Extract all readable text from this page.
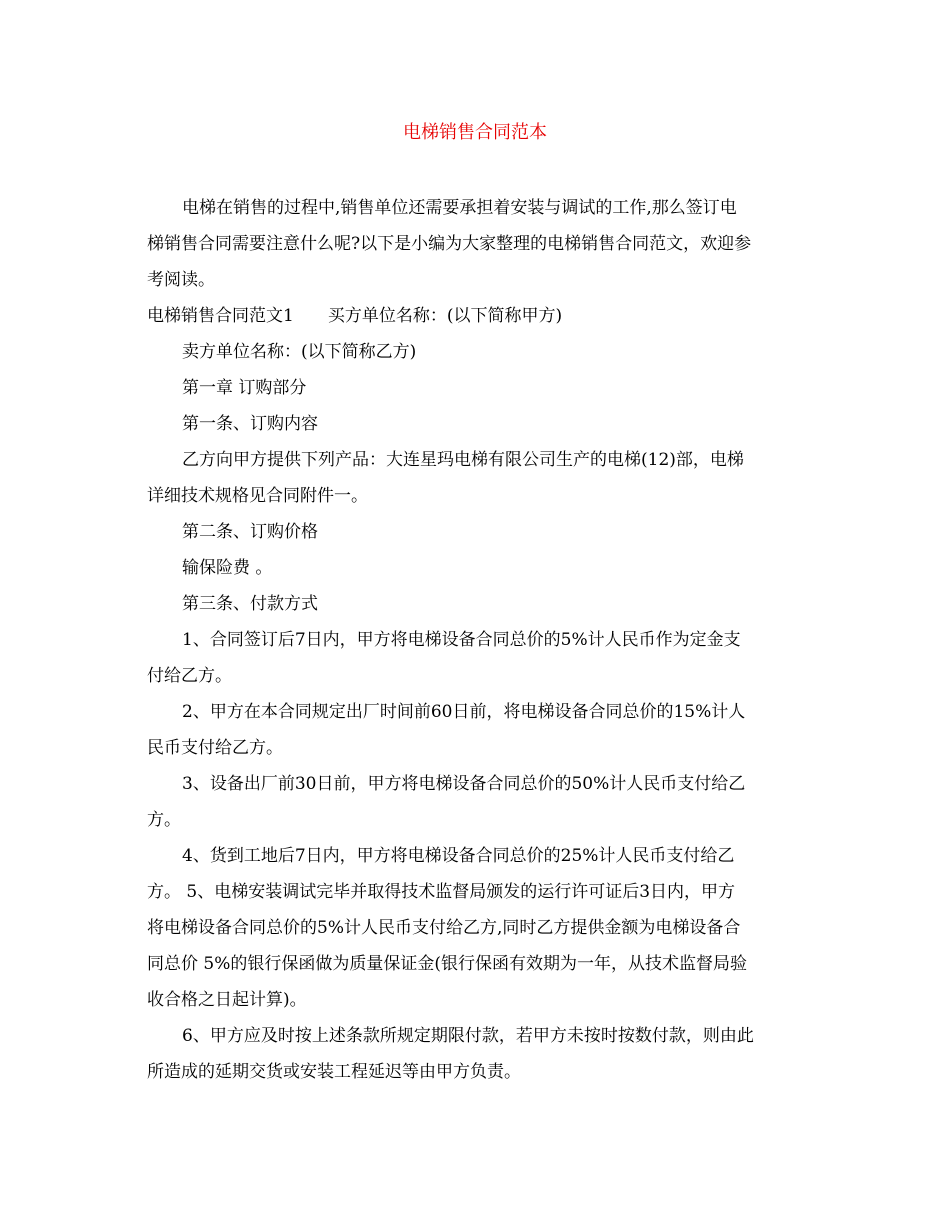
电梯销售合同范本
电梯在销售的过程中,销售单位还需要承担着安装与调试的工作,那么签订电
梯销售合同需要注意什么呢?以下是小编为大家整理的电梯销售合同范文，欢迎参
考阅读。
电梯销售合同范文1　　买方单位名称：(以下简称甲方)
卖方单位名称：(以下简称乙方)
第一章 订购部分
第一条、订购内容
乙方向甲方提供下列产品：大连星玛电梯有限公司生产的电梯(12)部，电梯
详细技术规格见合同附件一。
第二条、订购价格
输保险费 。
第三条、付款方式
1、合同签订后7日内，甲方将电梯设备合同总价的5%计人民币作为定金支
付给乙方。
2、甲方在本合同规定出厂时间前60日前，将电梯设备合同总价的15%计人
民币支付给乙方。
3、设备出厂前30日前，甲方将电梯设备合同总价的50%计人民币支付给乙
方。
4、货到工地后7日内，甲方将电梯设备合同总价的25%计人民币支付给乙
方。 5、电梯安装调试完毕并取得技术监督局颁发的运行许可证后3日内，甲方
将电梯设备合同总价的5%计人民币支付给乙方,同时乙方提供金额为电梯设备合
同总价 5%的银行保函做为质量保证金(银行保函有效期为一年，从技术监督局验
收合格之日起计算)。
6、甲方应及时按上述条款所规定期限付款，若甲方未按时按数付款，则由此
所造成的延期交货或安装工程延迟等由甲方负责。
